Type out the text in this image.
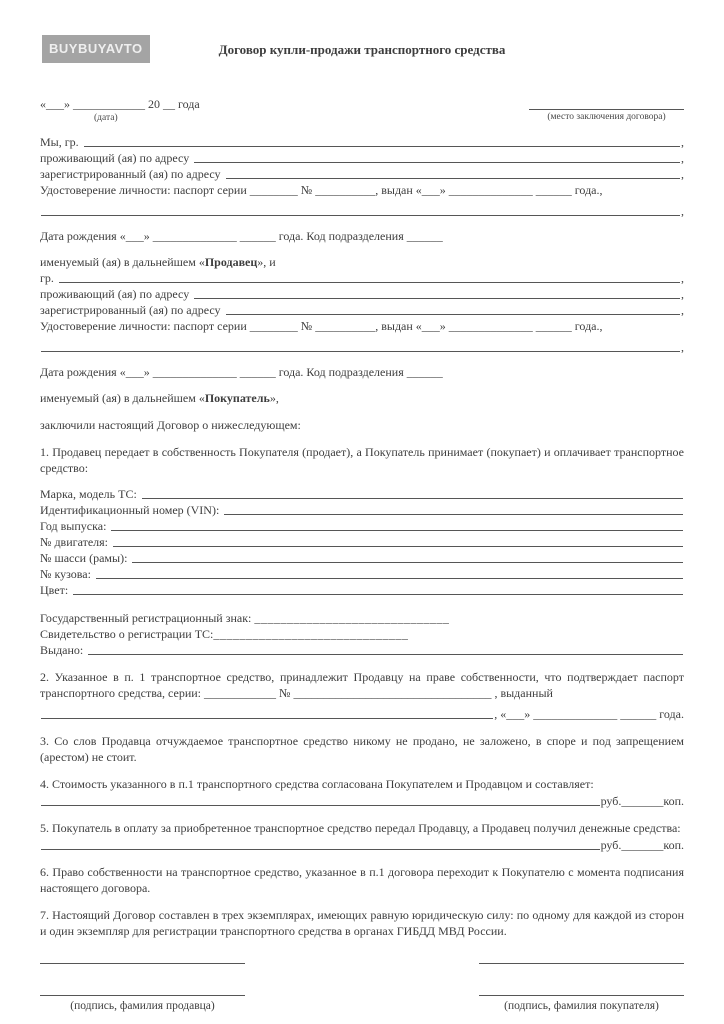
BUYBUYAVTO	Договор купли-продажи транспортного средства
«___» ____________ 20 __ года
(дата)	(место заключения договора)
Мы, гр.	,
проживающий (ая) по адресу	,
зарегистрированный (ая) по адресу	,
Удостоверение личности: паспорт серии ________ № __________, выдан «___» ______________ ______ года.,
,
Дата рождения «___» ______________ ______ года. Код подразделения ______
именуемый (ая) в дальнейшем «Продавец», и
гр.	,
проживающий (ая) по адресу	,
зарегистрированный (ая) по адресу	,
Удостоверение личности: паспорт серии ________ № __________, выдан «___» ______________ ______ года.,
,
Дата рождения «___» ______________ ______ года. Код подразделения ______
именуемый (ая) в дальнейшем «Покупатель»,
заключили настоящий Договор о нижеследующем:
1. Продавец передает в собственность Покупателя (продает), а Покупатель принимает (покупает) и оплачивает транспортное средство:
Марка, модель ТС:
Идентификационный номер (VIN):
Год выпуска:
№ двигателя:
№ шасси (рамы):
№ кузова:
Цвет:
Государственный регистрационный знак: ______________________________
Свидетельство о регистрации ТС:______________________________
Выдано:
2. Указанное в п. 1 транспортное средство, принадлежит Продавцу на праве собственности, что подтверждает паспорт транспортного средства, серии: ____________ № _________________________________ , выданный
, «___» ______________ ______ года.
3. Со слов Продавца отчуждаемое транспортное средство никому не продано, не заложено, в споре и под запрещением (арестом) не стоит.
4. Стоимость указанного в п.1 транспортного средства согласована Покупателем и Продавцом и составляет:
руб._______коп.
5. Покупатель в оплату за приобретенное транспортное средство передал Продавцу, а Продавец получил денежные средства:
руб._______коп.
6. Право собственности на транспортное средство, указанное в п.1 договора переходит к Покупателю с момента подписания настоящего договора.
7. Настоящий Договор составлен в трех экземплярах, имеющих равную юридическую силу: по одному для каждой из сторон и один экземпляр для регистрации транспортного средства в органах ГИБДД МВД России.
(подпись, фамилия продавца)	(подпись, фамилия покупателя)
